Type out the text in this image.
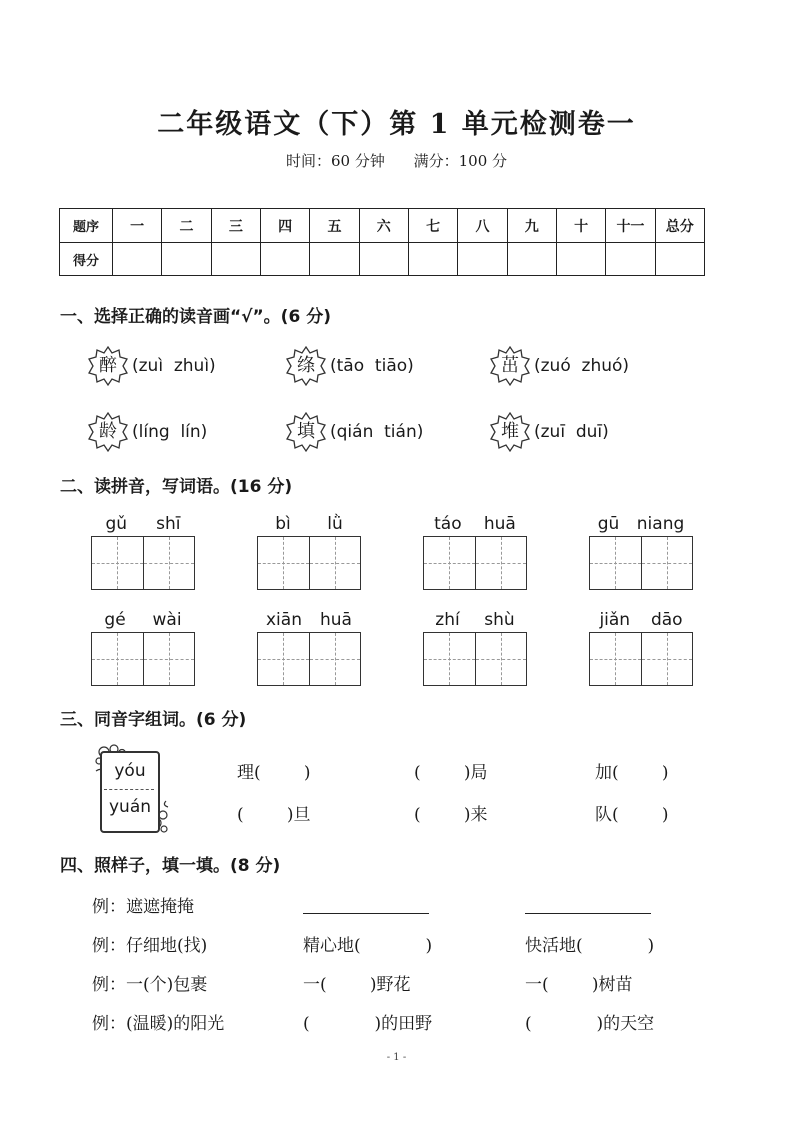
二年级语文（下）第 1 单元检测卷一
时间：60 分钟 满分：100 分
题序	一	二	三	四	五	六	七	八	九	十	十一	总分
得分												
一、选择正确的读音画“√”。(6 分)
醉 (zuì  zhuì)	绦 (tāo  tiāo)	茁 (zuó  zhuó)
龄 (líng  lín)	填 (qián  tián)	堆 (zuī  duī)
二、读拼音，写词语。(16 分)
gǔ shī	bì lǜ	táo huā	gū niang
gé wài	xiān huā	zhí shù	jiǎn dāo
三、同音字组词。(6 分)
yóu
yuán
理(        )	(        )局	加(        )
(        )旦	(        )来	队(        )
四、照样子，填一填。(8 分)
例：遮遮掩掩
例：仔细地(找)	精心地(            )	快活地(            )
例：一(个)包裹	一(        )野花	一(        )树苗
例：(温暖)的阳光	(            )的田野	(            )的天空
- 1 -
